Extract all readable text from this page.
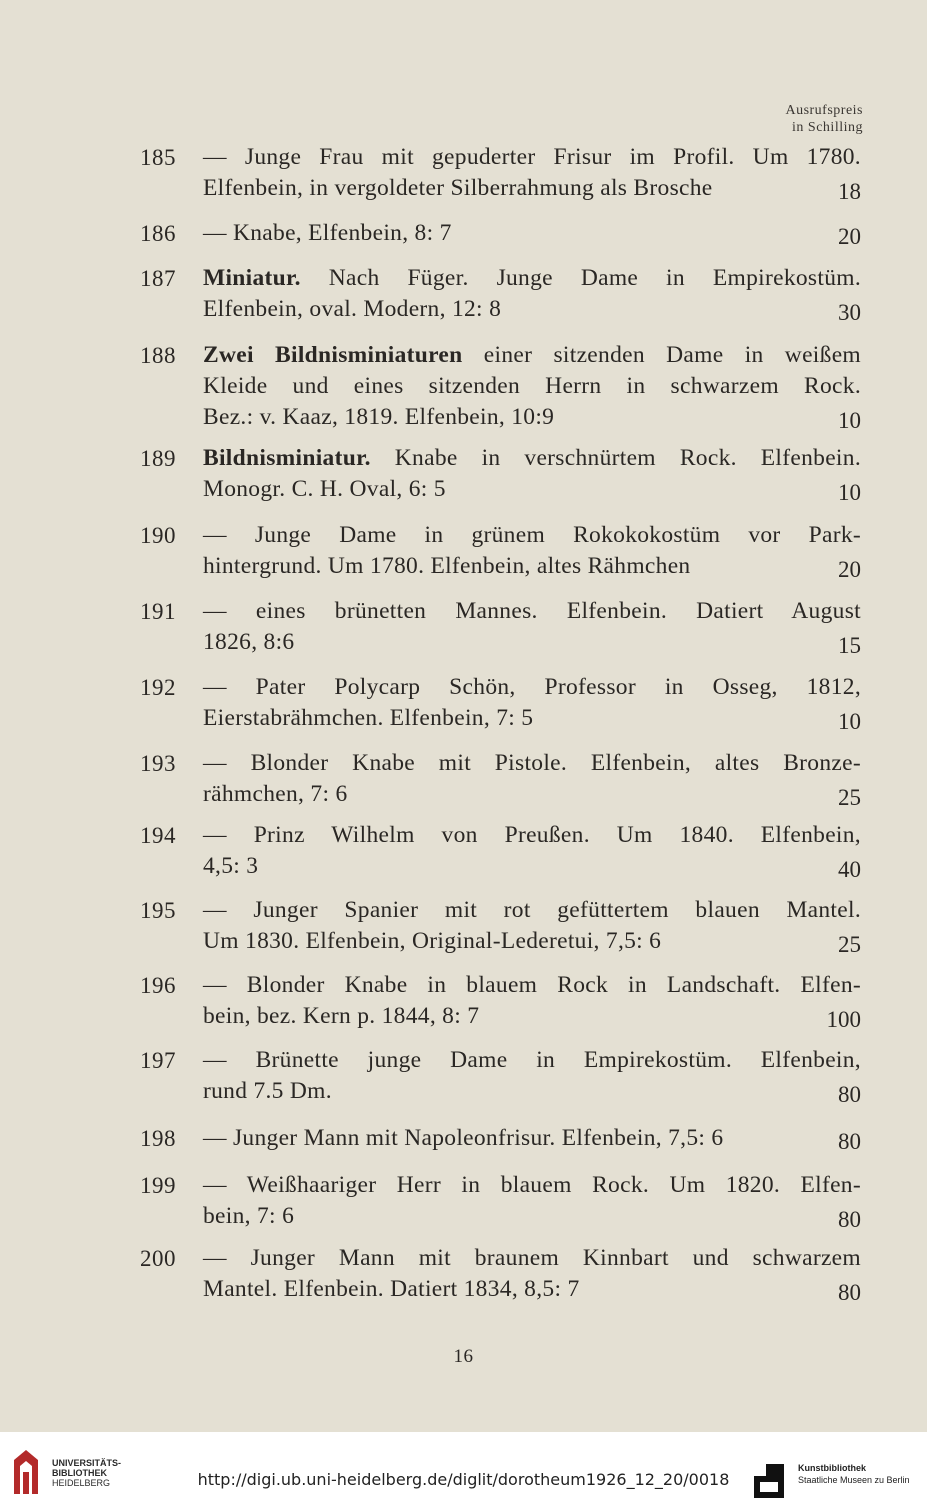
Ausrufspreis
in Schilling
185	— Junge Frau mit gepuderter Frisur im Profil. Um 1780.
Elfenbein, in vergoldeter Silberrahmung als Brosche	18
186	— Knabe, Elfenbein, 8: 7	20
187	Miniatur. Nach Füger. Junge Dame in Empirekostüm.
Elfenbein, oval. Modern, 12: 8	30
188	Zwei Bildnisminiaturen einer sitzenden Dame in weißem
Kleide und eines sitzenden Herrn in schwarzem Rock.
Bez.: v. Kaaz, 1819. Elfenbein, 10:9	10
189	Bildnisminiatur. Knabe in verschnürtem Rock. Elfenbein.
Monogr. C. H. Oval, 6: 5	10
190	— Junge Dame in grünem Rokokokostüm vor Park-
hintergrund. Um 1780. Elfenbein, altes Rähmchen	20
191	— eines brünetten Mannes. Elfenbein. Datiert August
1826, 8:6	15
192	— Pater Polycarp Schön, Professor in Osseg, 1812,
Eierstabrähmchen. Elfenbein, 7: 5	10
193	— Blonder Knabe mit Pistole. Elfenbein, altes Bronze-
rähmchen, 7: 6	25
194	— Prinz Wilhelm von Preußen. Um 1840. Elfenbein,
4,5: 3	40
195	— Junger Spanier mit rot gefüttertem blauen Mantel.
Um 1830. Elfenbein, Original-Lederetui, 7,5: 6	25
196	— Blonder Knabe in blauem Rock in Landschaft. Elfen-
bein, bez. Kern p. 1844, 8: 7	100
197	— Brünette junge Dame in Empirekostüm. Elfenbein,
rund 7.5 Dm.	80
198	— Junger Mann mit Napoleonfrisur. Elfenbein, 7,5: 6	80
199	— Weißhaariger Herr in blauem Rock. Um 1820. Elfen-
bein, 7: 6	80
200	— Junger Mann mit braunem Kinnbart und schwarzem
Mantel. Elfenbein. Datiert 1834, 8,5: 7	80
16
UNIVERSITÄTS-
BIBLIOTHEK
HEIDELBERG	http://digi.ub.uni-heidelberg.de/diglit/dorotheum1926_12_20/0018
Kunstbibliothek
Staatliche Museen zu Berlin
